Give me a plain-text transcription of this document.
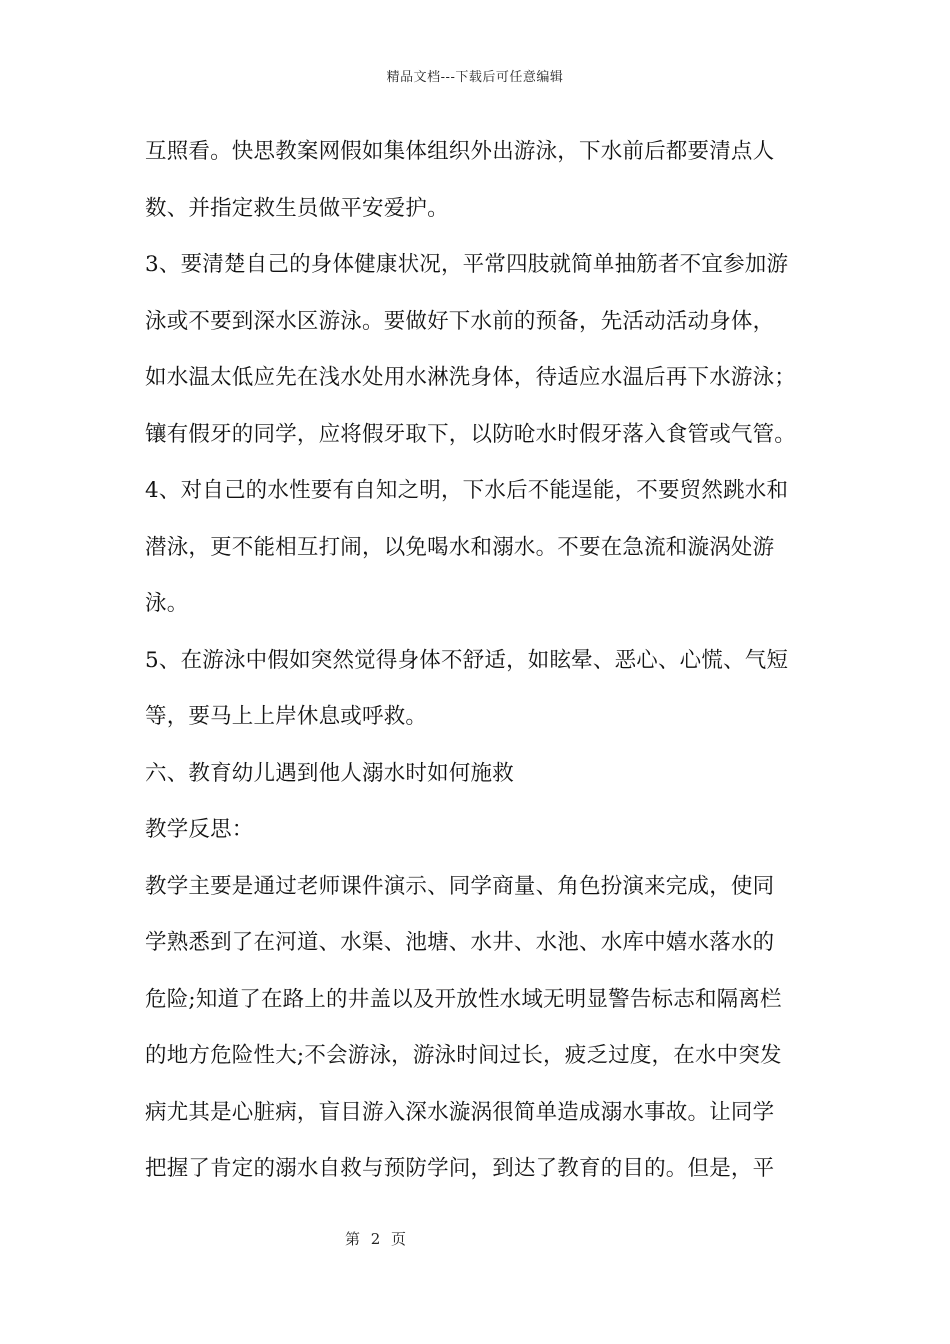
精品文档---下载后可任意编辑
互照看。快思教案网假如集体组织外出游泳，下水前后都要清点人
数、并指定救生员做平安爱护。
3、要清楚自己的身体健康状况，平常四肢就简单抽筋者不宜参加游
泳或不要到深水区游泳。要做好下水前的预备，先活动活动身体，
如水温太低应先在浅水处用水淋洗身体，待适应水温后再下水游泳；
镶有假牙的同学，应将假牙取下，以防呛水时假牙落入食管或气管。
4、对自己的水性要有自知之明，下水后不能逞能，不要贸然跳水和
潜泳，更不能相互打闹，以免喝水和溺水。不要在急流和漩涡处游
泳。
5、在游泳中假如突然觉得身体不舒适，如眩晕、恶心、心慌、气短
等，要马上上岸休息或呼救。
六、教育幼儿遇到他人溺水时如何施救
教学反思：
教学主要是通过老师课件演示、同学商量、角色扮演来完成，使同
学熟悉到了在河道、水渠、池塘、水井、水池、水库中嬉水落水的
危险;知道了在路上的井盖以及开放性水域无明显警告标志和隔离栏
的地方危险性大;不会游泳，游泳时间过长，疲乏过度，在水中突发
病尤其是心脏病，盲目游入深水漩涡很简单造成溺水事故。让同学
把握了肯定的溺水自救与预防学问，到达了教育的目的。但是，平
第 2 页
